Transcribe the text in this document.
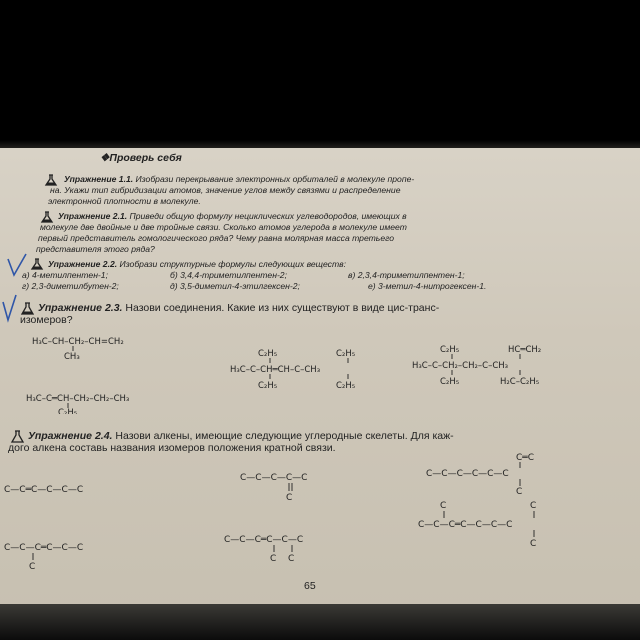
❖Проверь себя
Упражнение 1.1. Изобрази перекрывание электронных орбиталей в молекуле пропе-
на. Укажи тип гибридизации атомов, значение углов между связями и распределение
электронной плотности в молекуле.
Упражнение 2.1. Приведи общую формулу нециклических углеводородов, имеющих в
молекуле две двойные и две тройные связи. Сколько атомов углерода в молекуле имеет
первый представитель гомологического ряда? Чему равна молярная масса третьего
представителя этого ряда?
Упражнение 2.2. Изобрази структурные формулы следующих веществ:
а) 4-метилпентен-1;	б) 3,4,4-триметилпентен-2;	в) 2,3,4-триметилпентен-1;
г) 2,3-диметилбутен-2;	д) 3,5-диметил-4-этилгексен-2;	е) 3-метил-4-нитрогексен-1.
Упражнение 2.3. Назови соединения. Какие из них существуют в виде цис-транс-
изомеров?
H₃C–CH–CH₂–CH=CH₂
CH₃
H₃C–C═CH–CH₂–CH₂–CH₃
C₂H₅
C₂H₅	C₂H₅
H₃C–C–CH═CH–C–CH₃
C₂H₅	C₂H₅
C₂H₅	HC═CH₂
H₃C–C–CH₂–CH₂–C–CH₃
C₂H₅	H₂C–C₂H₅
Упражнение 2.4. Назови алкены, имеющие следующие углеродные скелеты. Для каж-
дого алкена составь названия изомеров положения кратной связи.
C—C═C—C—C—C
C—C—C—C—C
C
C═C
C—C—C—C—C—C
C
C—C—C═C—C—C
C
C—C—C═C—C—C
C C
C	C
C—C—C═C—C—C—C
C
65
